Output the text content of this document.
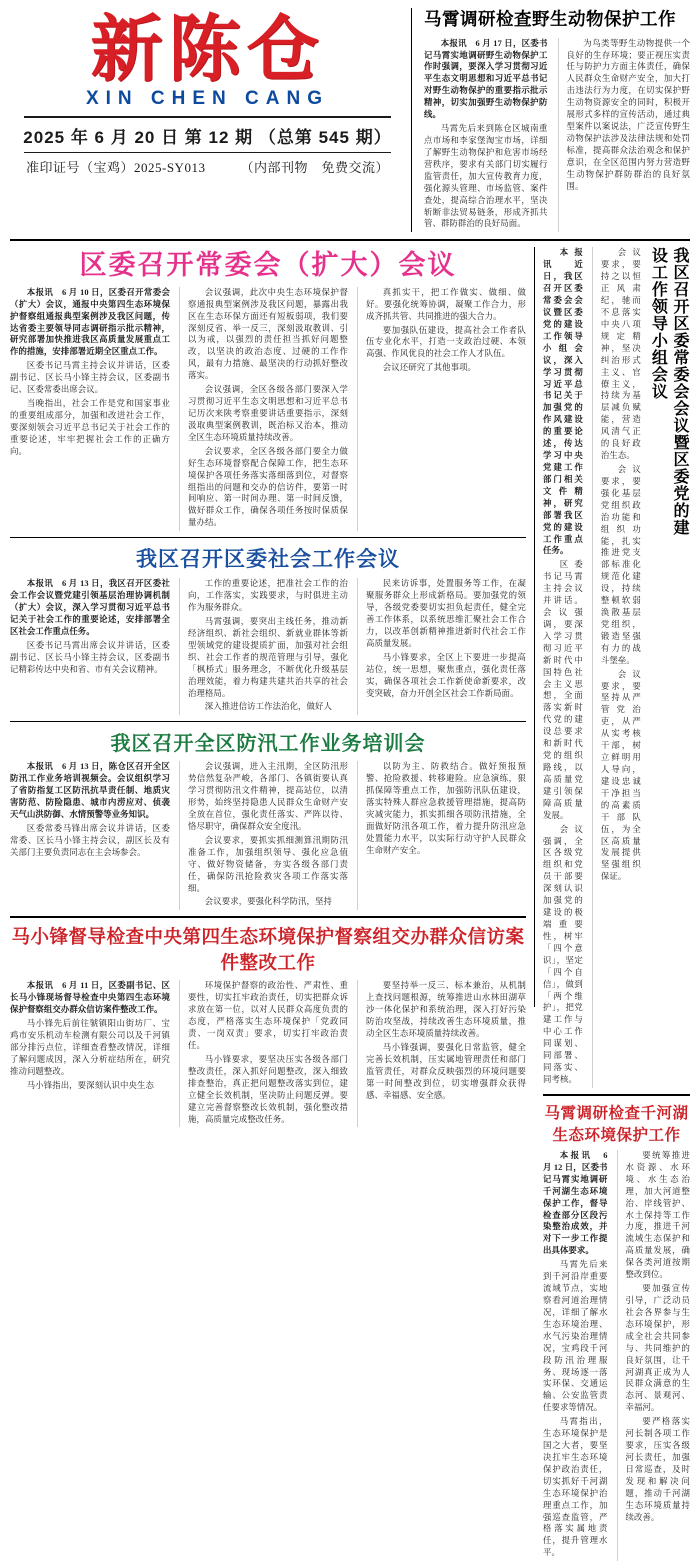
新陈仓
XIN CHEN CANG
2025 年 6 月 20 日 第 12 期 （总第 545 期）
准印证号（宝鸡）2025-SY013	（内部刊物　免费交流）
马霄调研检查野生动物保护工作

本报讯　6 月 17 日，区委书记马霄实地调研野生动物保护工作时强调，要深入学习贯彻习近平生态文明思想和习近平总书记对野生动物保护的重要指示批示精神，切实加强野生动物保护防线。

马霄先后来到陈仓区城南重点市场和李家堡淘宝市场，详细了解野生动物保护和危害市场经营秩序，要求有关部门切实履行监管责任，加大宣传教育力度，强化源头管理、市场监管、案件查处，提高综合治理水平，坚决斩断非法贸易链条，形成齐抓共管、群防群治的良好局面。

为鸟类等野生动物提供一个良好的生存环境；要正视压实责任与防护力方面主体责任，确保人民群众生命财产安全，加大打击违法行为力度，在切实保护野生动物资源安全的同时，积极开展形式多样的宣传活动，通过典型案件以案说法，广泛宣传野生动物保护法涉及法律法规和处罚标准，提高群众法治观念和保护意识，在全区范围内努力营造野生动物保护群防群治的良好氛围。

区委召开常委会（扩大）会议

本报讯　6 月 10 日，区委召开常委会（扩大）会议，通报中央第四生态环境保护督察组通报典型案例涉及我区问题，传达省委主要领导同志调研指示批示精神，研究部署加快推进我区高质量发展重点工作的措施，安排部署近期全区重点工作。

区委书记马霄主持会议并讲话，区委副书记、区长马小锋主持会议，区委副书记、区委常委出席会议。

当晚指出，社会工作是党和国家事业的重要组成部分，加强和改进社会工作，要深刻领会习近平总书记关于社会工作的重要论述，牢牢把握社会工作的正确方向。

会议强调，此次中央生态环境保护督察通报典型案例涉及我区问题，暴露出我区在生态环保方面还有短板弱项，我们要深刻反省、举一反三，深刻汲取教训、引以为戒，以强烈的责任担当抓好问题整改，以坚决的政治态度、过硬的工作作风，最有力措施、最坚决的行动抓好整改落实。

会议强调，全区各级各部门要深入学习贯彻习近平生态文明思想和习近平总书记历次来陕考察重要讲话重要指示，深刻汲取典型案例教训，既治标又治本，推动全区生态环境质量持续改善。

会议要求，全区各级各部门要全力做好生态环境督察配合保障工作，把生态环境保护各项任务落实落细落到位，对督察组指出的问题和交办的信访件，要第一时间响应、第一时间办理、第一时间反馈，做好群众工作，确保各项任务按时保质保量办结。

真抓实干，把工作做实、做细、做好。要强化统筹协调，凝聚工作合力，形成齐抓共管、共同推进的强大合力。

要加强队伍建设，提高社会工作者队伍专业化水平，打造一支政治过硬、本领高强、作风优良的社会工作人才队伍。

会议还研究了其他事项。

我区召开区委社会工作会议

本报讯　6 月 13 日，我区召开区委社会工作会议暨党建引领基层治理协调机制（扩大）会议，深入学习贯彻习近平总书记关于社会工作的重要论述，安排部署全区社会工作重点任务。

区委书记马霄出席会议并讲话，区委副书记、区长马小锋主持会议，区委副书记精彩传达中央和省、市有关会议精神。

工作的重要论述，把准社会工作的治向，工作落实，实践要求，与时俱进主动作为服务群众。

马霄强调，要突出主线任务，推动新经济组织、新社会组织、新就业群体等新型领域党的建设提质扩面，加强对社会组织、社会工作者的规范管理与引导，强化「枫桥式」服务理念，不断优化升级基层治理效能，着力构建共建共治共享的社会治理格局。

深入推进信访工作法治化，做好人

民来访诉事，处置服务等工作，在凝聚服务群众上形成新格局。要加强党的领导，各级党委要切实担负起责任，健全完善工作体系，以系统思维汇聚社会工作合力，以改革创新精神推进新时代社会工作高质量发展。

马小锋要求，全区上下要进一步提高站位，统一思想，聚焦重点，强化责任落实，确保各项社会工作新使命新要求，改变突破，奋力开创全区社会工作新局面。

我区召开全区防汛工作业务培训会

本报讯　6 月 13 日，陈仓区召开全区防汛工作业务培训视频会。会议组织学习了省防指复工区防汛抗旱责任制、地质灾害防范、防险隐患、城市内涝应对、侦袭天气山洪防御、水情预警等业务知识。

区委常委马锋出席会议并讲话，区委常委、区长马小锋主持会议，副区长及有关部门主要负责同志在主会场参会。

会议强调，进入主汛期，全区防汛形势信然复杂严峻，各部门、各镇街要认真学习贯彻防汛文件精神，提高站位，以清形势，始终坚持隐患人民群众生命财产安全放在首位，强化责任落实、严阵以待、恪尽职守，确保群众安全度汛。

会议要求，要抓实抓细测算汛期防汛准备工作，加强组织领导、强化应急值守、做好物资储备，夯实各级各部门责任，确保防汛抢险救灾各项工作落实落细。

会议要求，要强化科学防汛，坚持

以防为主、防救结合。做好预报预警、抢险救援、转移避险。应急演练，狠抓保障等重点工作，加强防汛队伍建设，落实特殊人群应急救援管理措施，提高防灾减灾能力，抓实抓细各项防汛措施，全面做好防汛各项工作，着力提升防汛应急处置能力水平，以实际行动守护人民群众生命财产安全。

马小锋督导检查中央第四生态环境保护督察组交办群众信访案件整改工作

本报讯　6 月 11 日，区委副书记、区长马小锋现场督导检查中央第四生态环境保护督察组交办群众信访案件整改工作。

马小锋先后前往虢镇阳山街坊厂、宝鸡市安乐机动车检测有限公司以及千河镇部分排污点位，详细查看整改情况，详细了解问题成因，深入分析症结所在，研究推动问题整改。

马小锋指出，要深刻认识中央生态

环境保护督察的政治性、严肃性、重要性，切实扛牢政治责任，切实把群众诉求放在第一位，以对人民群众高度负责的态度，严格落实生态环境保护「党政同责、一岗双责」要求，切实打牢政治责任。

马小锋要求，要坚决压实各级各部门整改责任，深入抓好问题整改，深入细致排查整治，真正把问题整改落实到位，建立健全长效机制，坚决防止问题反弹。要建立完善督察整改长效机制，强化整改措施，高质量完成整改任务。

要坚持举一反三、标本兼治，从机制上查找问题根源，统筹推进山水林田湖草沙一体化保护和系统治理，深入打好污染防治攻坚战，持续改善生态环境质量，推动全区生态环境质量持续改善。

马小锋强调，要强化日常监管，健全完善长效机制，压实属地管理责任和部门监管责任，对群众反映强烈的环境问题要第一时间整改到位，切实增强群众获得感、幸福感、安全感。

本报讯　近日，我区召开区委常委会会议暨区委党的建设工作领导小组会议，深入学习贯彻习近平总书记关于加强党的作风建设的重要论述，传达学习中央党建工作部门相关文件精神，研究部署我区党的建设工作重点任务。

区委书记马霄主持会议并讲话。会议强调，要深入学习贯彻习近平新时代中国特色社会主义思想，全面落实新时代党的建设总要求和新时代党的组织路线，以高质量党建引领保障高质量发展。

会议强调，全区各级党组织和党员干部要深刻认识加强党的建设的极端重要性，树牢「四个意识」，坚定「四个自信」，做到「两个维护」，把党建工作与中心工作同谋划、同部署、同落实、同考核。

会议要求，要持之以恒正风肃纪，驰而不息落实中央八项规定精神，坚决纠治形式主义、官僚主义，持续为基层减负赋能，营造风清气正的良好政治生态。

会议要求，要强化基层党组织政治功能和组织功能，扎实推进党支部标准化规范化建设，持续整顿软弱涣散基层党组织，锻造坚强有力的战斗堡垒。

会议要求，要坚持从严管党治吏，从严从实考核干部，树立鲜明用人导向，建设忠诚干净担当的高素质干部队伍，为全区高质量发展提供坚强组织保证。

我区召开区委常委会会议暨区委党的建设工作领导小组会议
马霄调研检查千河湖生态环境保护工作

本报讯　6 月 12 日，区委书记马霄实地调研千河湖生态环境保护工作，督导检查部分区段污染整治成效，并对下一步工作提出具体要求。

马霄先后来到千河沿岸重要流域节点，实地察看河道治理情况，详细了解水生态环境治理、水气污染治理情况，宝鸡段千河段防汛治理服务、现场逐一落实环保、交通运输、公安监管责任要求等情况。

马霄指出，生态环境保护是国之大者，要坚决扛牢生态环境保护政治责任，切实抓好千河湖生态环境保护治理重点工作，加强巡查监管，严格落实属地责任，提升管理水平。

要统筹推进水资源、水环境、水生态治理，加大河道整治、岸线管护、水土保持等工作力度，推进千河流域生态保护和高质量发展，确保各类河道按期整改到位。

要加强宣传引导，广泛动员社会各界参与生态环境保护，形成全社会共同参与、共同维护的良好氛围，让千河湖真正成为人民群众满意的生态河、景观河、幸福河。

要严格落实河长制各项工作要求，压实各级河长责任，加强日常巡查，及时发现和解决问题，推动千河湖生态环境质量持续改善。
